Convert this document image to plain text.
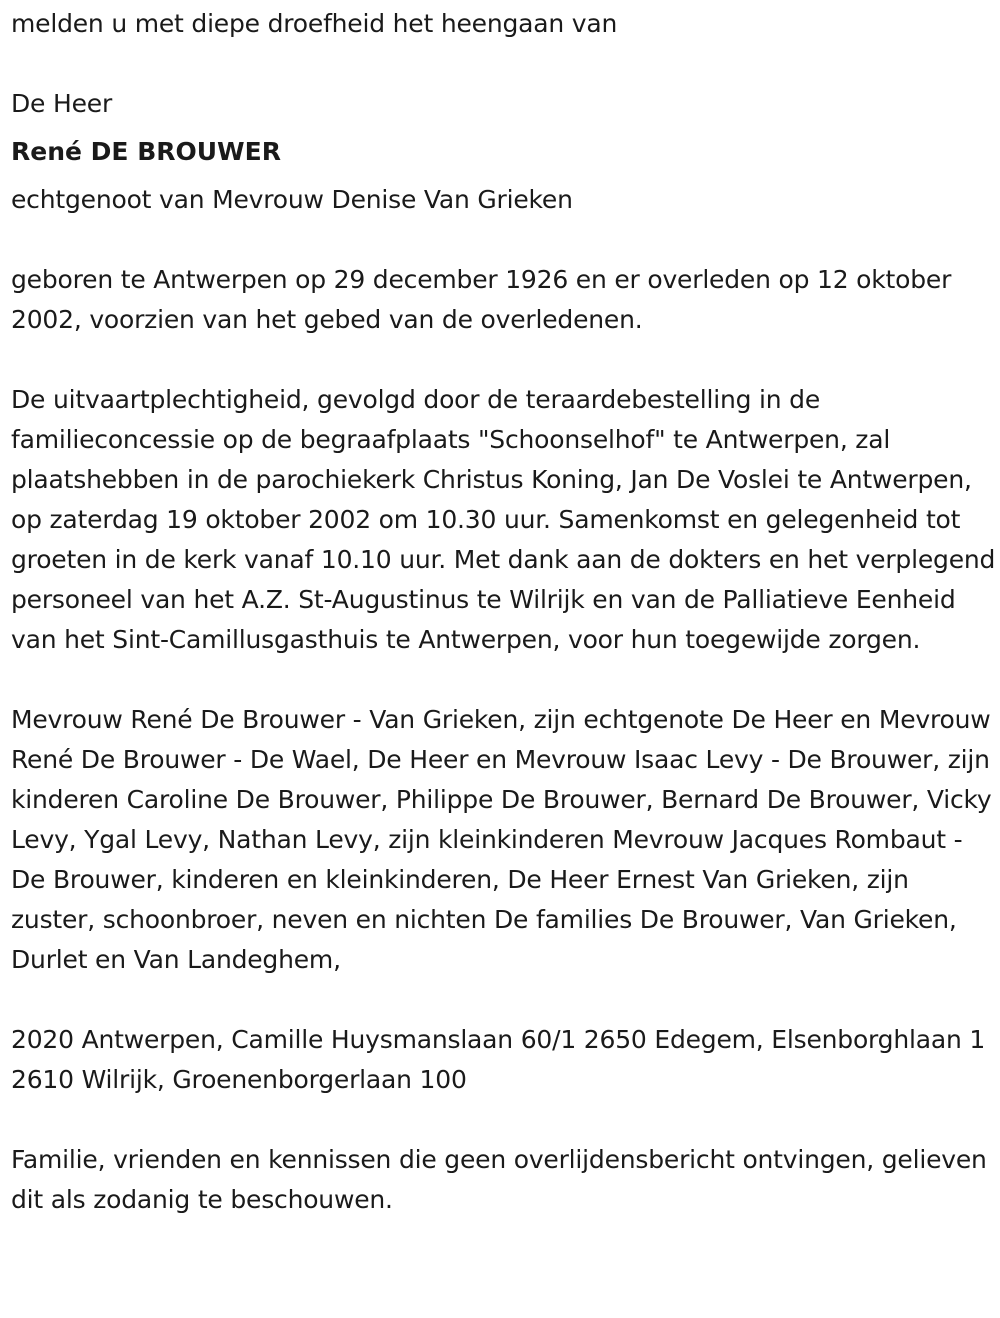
melden u met diepe droefheid het heengaan van

De Heer

René DE BROUWER

echtgenoot van Mevrouw Denise Van Grieken

geboren te Antwerpen op 29 december 1926 en er overleden op 12 oktober 2002, voorzien van het gebed van de overledenen.

De uitvaartplechtigheid, gevolgd door de teraardebestelling in de familieconcessie op de begraafplaats "Schoonselhof" te Antwerpen, zal plaatshebben in de parochiekerk Christus Koning, Jan De Voslei te Antwerpen, op zaterdag 19 oktober 2002 om 10.30 uur. Samenkomst en gelegenheid tot groeten in de kerk vanaf 10.10 uur. Met dank aan de dokters en het verplegend personeel van het A.Z. St-Augustinus te Wilrijk en van de Palliatieve Eenheid van het Sint-Camillusgasthuis te Antwerpen, voor hun toegewijde zorgen.

Mevrouw René De Brouwer - Van Grieken, zijn echtgenote De Heer en Mevrouw René De Brouwer - De Wael, De Heer en Mevrouw Isaac Levy - De Brouwer, zijn kinderen Caroline De Brouwer, Philippe De Brouwer, Bernard De Brouwer, Vicky Levy, Ygal Levy, Nathan Levy, zijn kleinkinderen Mevrouw Jacques Rombaut - De Brouwer, kinderen en kleinkinderen, De Heer Ernest Van Grieken, zijn zuster, schoonbroer, neven en nichten De families De Brouwer, Van Grieken, Durlet en Van Landeghem,

2020 Antwerpen, Camille Huysmanslaan 60/1 2650 Edegem, Elsenborghlaan 1 2610 Wilrijk, Groenenborgerlaan 100

Familie, vrienden en kennissen die geen overlijdensbericht ontvingen, gelieven dit als zodanig te beschouwen.
